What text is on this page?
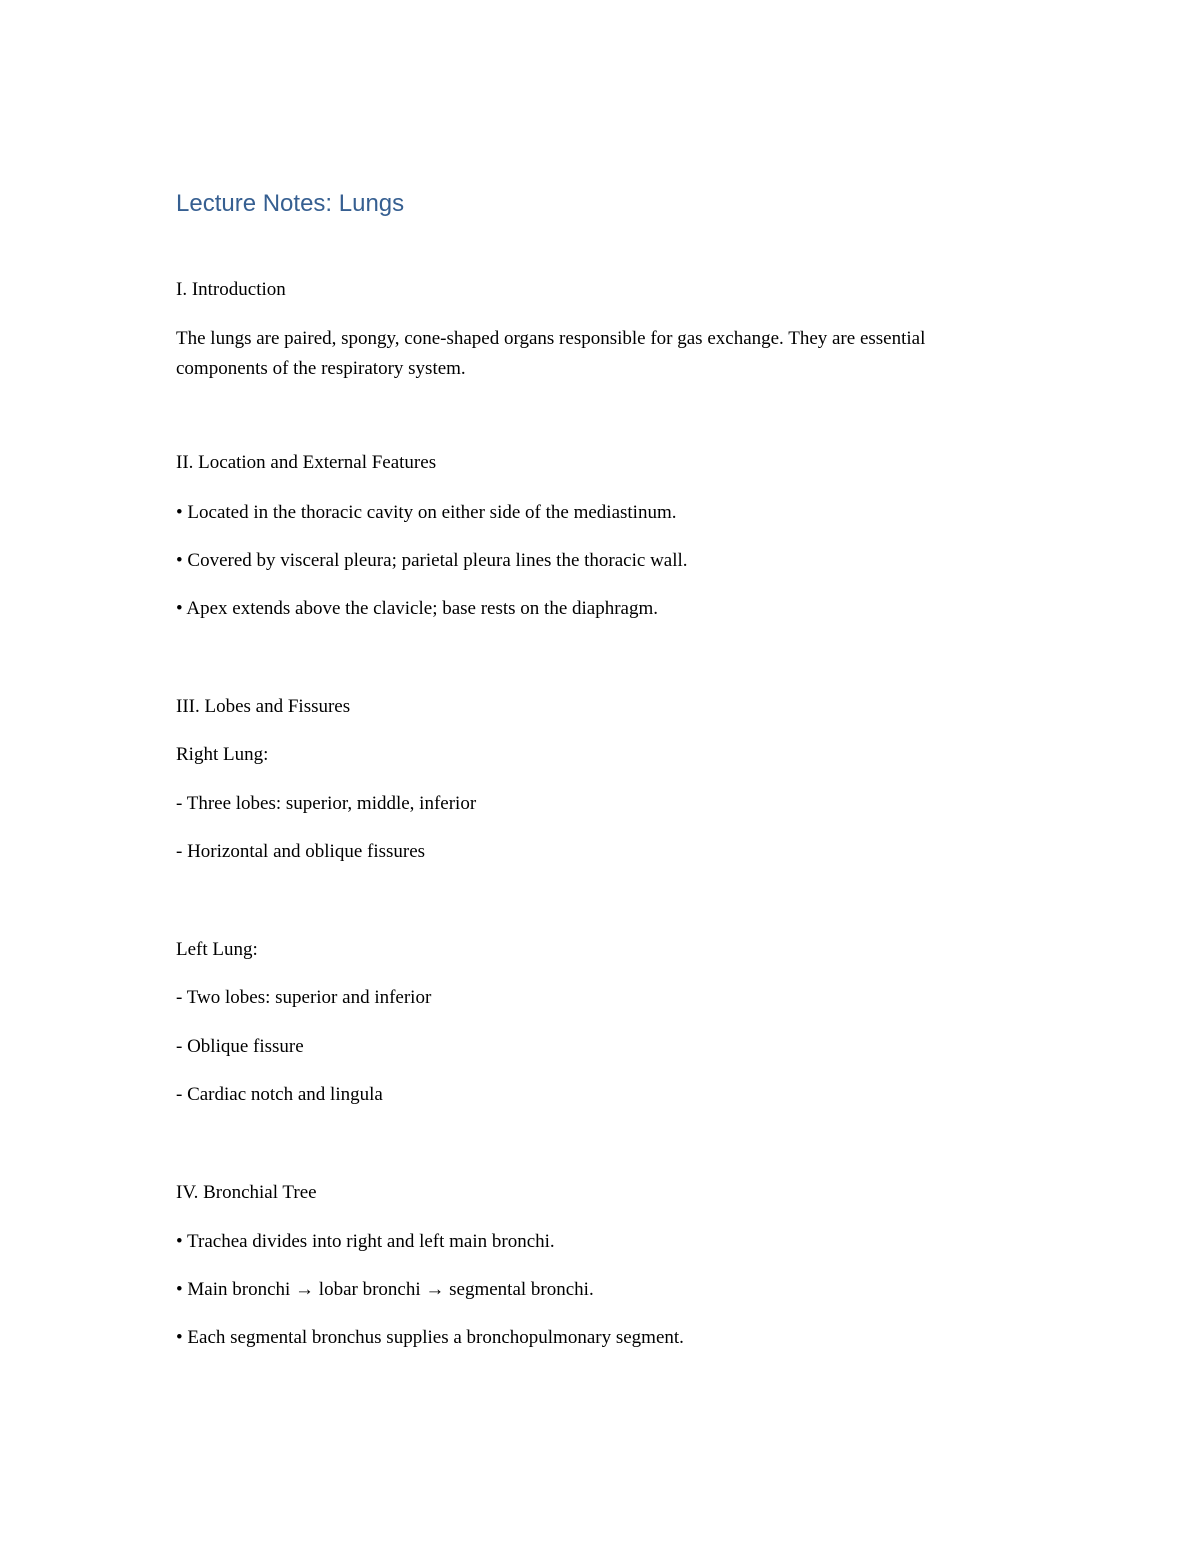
Lecture Notes: Lungs
I. Introduction
The lungs are paired, spongy, cone-shaped organs responsible for gas exchange. They are essential components of the respiratory system.
II. Location and External Features
• Located in the thoracic cavity on either side of the mediastinum.
• Covered by visceral pleura; parietal pleura lines the thoracic wall.
• Apex extends above the clavicle; base rests on the diaphragm.
III. Lobes and Fissures
Right Lung:
- Three lobes: superior, middle, inferior
- Horizontal and oblique fissures
Left Lung:
- Two lobes: superior and inferior
- Oblique fissure
- Cardiac notch and lingula
IV. Bronchial Tree
• Trachea divides into right and left main bronchi.
• Main bronchi → lobar bronchi → segmental bronchi.
• Each segmental bronchus supplies a bronchopulmonary segment.
